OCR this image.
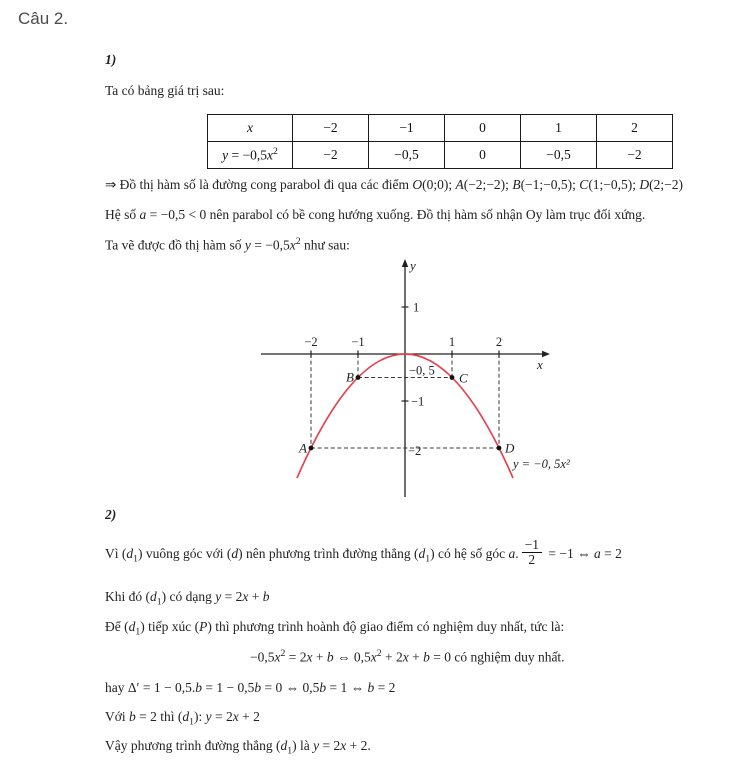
Câu 2.
1)
Ta có bảng giá trị sau:
x	−2	−1	0	1	2
$y = -0,5x^2$	−2	−0,5	0	−0,5	−2
⇒ Đồ thị hàm số là đường cong parabol đi qua các điểm O(0;0); A(−2;−2); B(−1;−0,5); C(1;−0,5); D(2;−2)
Hệ số a = −0,5 < 0 nên parabol có bề cong hướng xuống. Đồ thị hàm số nhận Oy làm trục đối xứng.
Ta vẽ được đồ thị hàm số $y = -0,5x^2$ như sau:
y
x
−2	−1	1	2
1
−0, 5
−1
−2
A
B	C
D
y = −0, 5x²
2)
Vì $(d_1)$ vuông góc với (d) nên phương trình đường thẳng $(d_1)$ có hệ số góc a. $\frac{-1}{2} = -1$ ⇔ a = 2
Khi đó $(d_1)$ có dạng y = 2x + b
Để $(d_1)$ tiếp xúc (P) thì phương trình hoành độ giao điểm có nghiệm duy nhất, tức là:
$-0,5x^2 = 2x + b$ ⇔ $0,5x^2 + 2x + b = 0$ có nghiệm duy nhất.
hay Δ′ = 1 − 0,5.b = 1 − 0,5b = 0 ⇔ 0,5b = 1 ⇔ b = 2
Với b = 2 thì $(d_1)$: y = 2x + 2
Vậy phương trình đường thẳng $(d_1)$ là y = 2x + 2.
